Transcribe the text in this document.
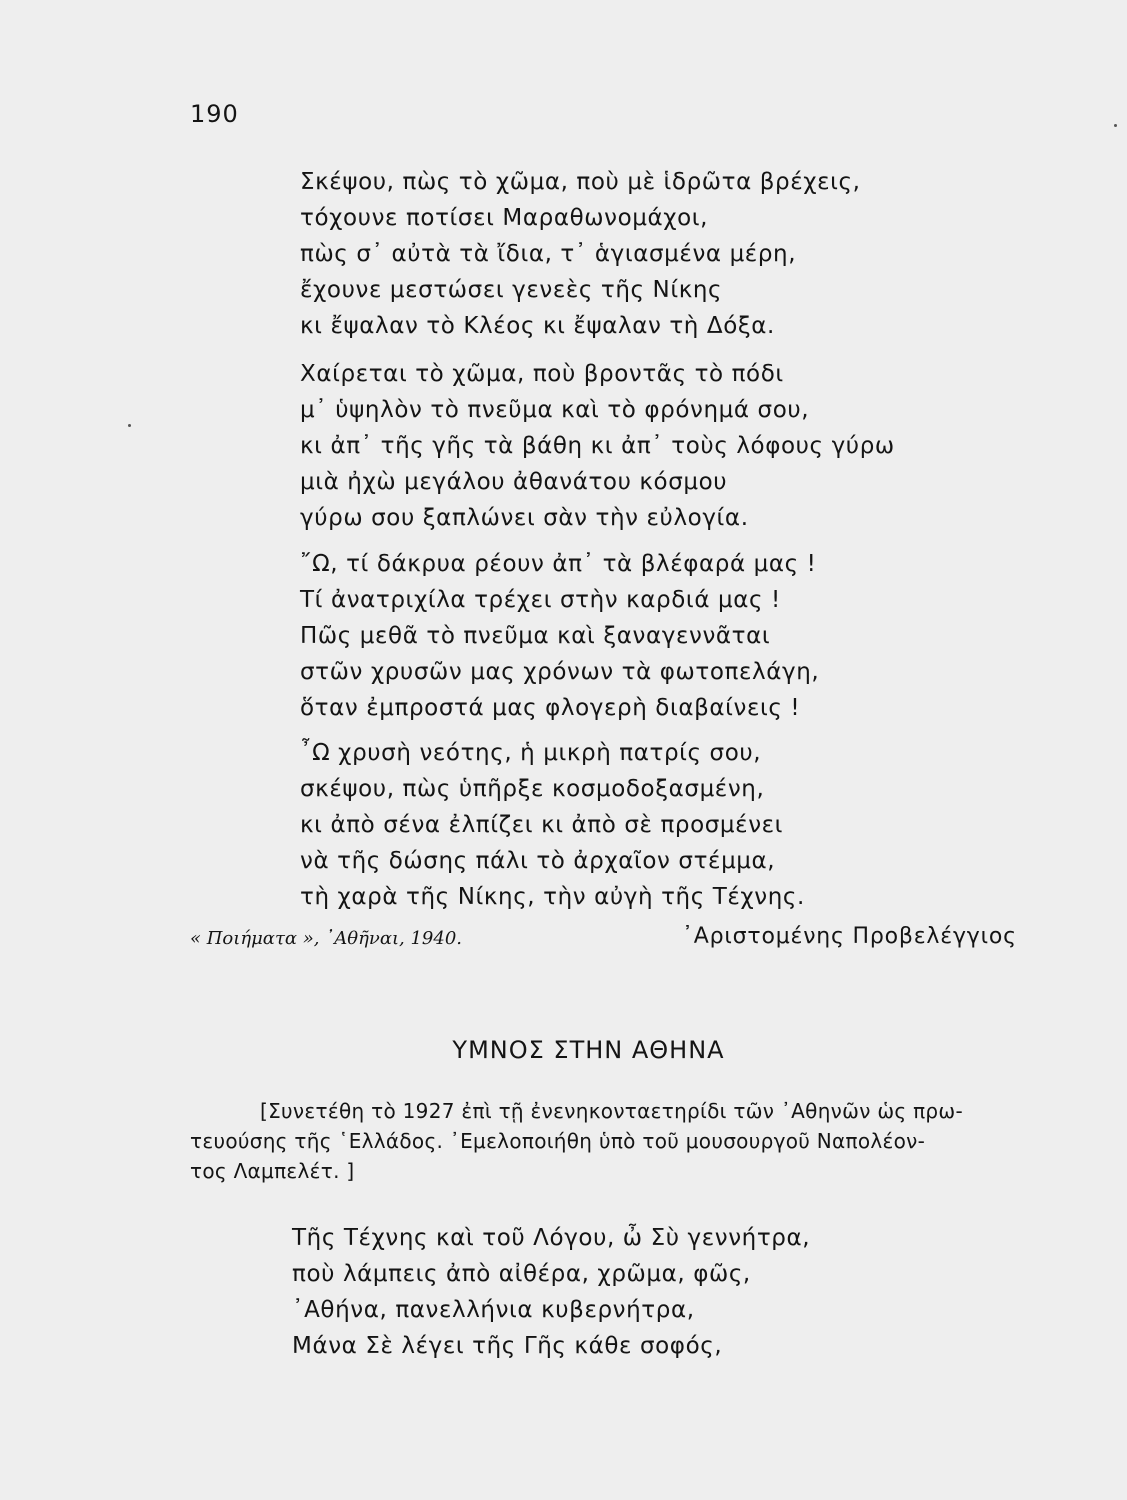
190
Σκέψου, πὼς τὸ χῶμα, ποὺ μὲ ἱδρῶτα βρέχεις,
τόχουνε ποτίσει Μαραθωνομάχοι,
πὼς σ᾽ αὐτὰ τὰ ἴδια, τ᾽ ἁγιασμένα μέρη,
ἔχουνε μεστώσει γενεὲς τῆς Νίκης
κι ἔψαλαν τὸ Κλέος κι ἔψαλαν τὴ Δόξα.
Χαίρεται τὸ χῶμα, ποὺ βροντᾶς τὸ πόδι
μ᾽ ὑψηλὸν τὸ πνεῦμα καὶ τὸ φρόνημά σου,
κι ἀπ᾽ τῆς γῆς τὰ βάθη κι ἀπ᾽ τοὺς λόφους γύρω
μιὰ ἠχὼ μεγάλου ἀθανάτου κόσμου
γύρω σου ξαπλώνει σὰν τὴν εὐλογία.
῎Ω, τί δάκρυα ρέουν ἀπ᾽ τὰ βλέφαρά μας !
Τί ἀνατριχίλα τρέχει στὴν καρδιά μας !
Πῶς μεθᾶ τὸ πνεῦμα καὶ ξαναγεννᾶται
στῶν χρυσῶν μας χρόνων τὰ φωτοπελάγη,
ὅταν ἐμπροστά μας φλογερὴ διαβαίνεις !
῏Ω χρυσὴ νεότης, ἡ μικρὴ πατρίς σου,
σκέψου, πὼς ὑπῆρξε κοσμοδοξασμένη,
κι ἀπὸ σένα ἐλπίζει κι ἀπὸ σὲ προσμένει
νὰ τῆς δώσης πάλι τὸ ἀρχαῖον στέμμα,
τὴ χαρὰ τῆς Νίκης, τὴν αὐγὴ τῆς Τέχνης.
« Ποιήματα », ᾽Αθῆναι, 1940.	᾽Αριστομένης Προβελέγγιος
ΥΜΝΟΣ ΣΤΗΝ ΑΘΗΝΑ
[Συνετέθη τὸ 1927 ἐπὶ τῇ ἐνενηκονταετηρίδι τῶν ᾽Αθηνῶν ὡς πρω-
τευούσης τῆς ῾Ελλάδος. ᾽Εμελοποιήθη ὑπὸ τοῦ μουσουργοῦ Ναπολέον-
τος Λαμπελέτ. ]
Τῆς Τέχνης καὶ τοῦ Λόγου, ὦ Σὺ γεννήτρα,
ποὺ λάμπεις ἀπὸ αἰθέρα, χρῶμα, φῶς,
᾽Αθήνα, πανελλήνια κυβερνήτρα,
Μάνα Σὲ λέγει τῆς Γῆς κάθε σοφός,
